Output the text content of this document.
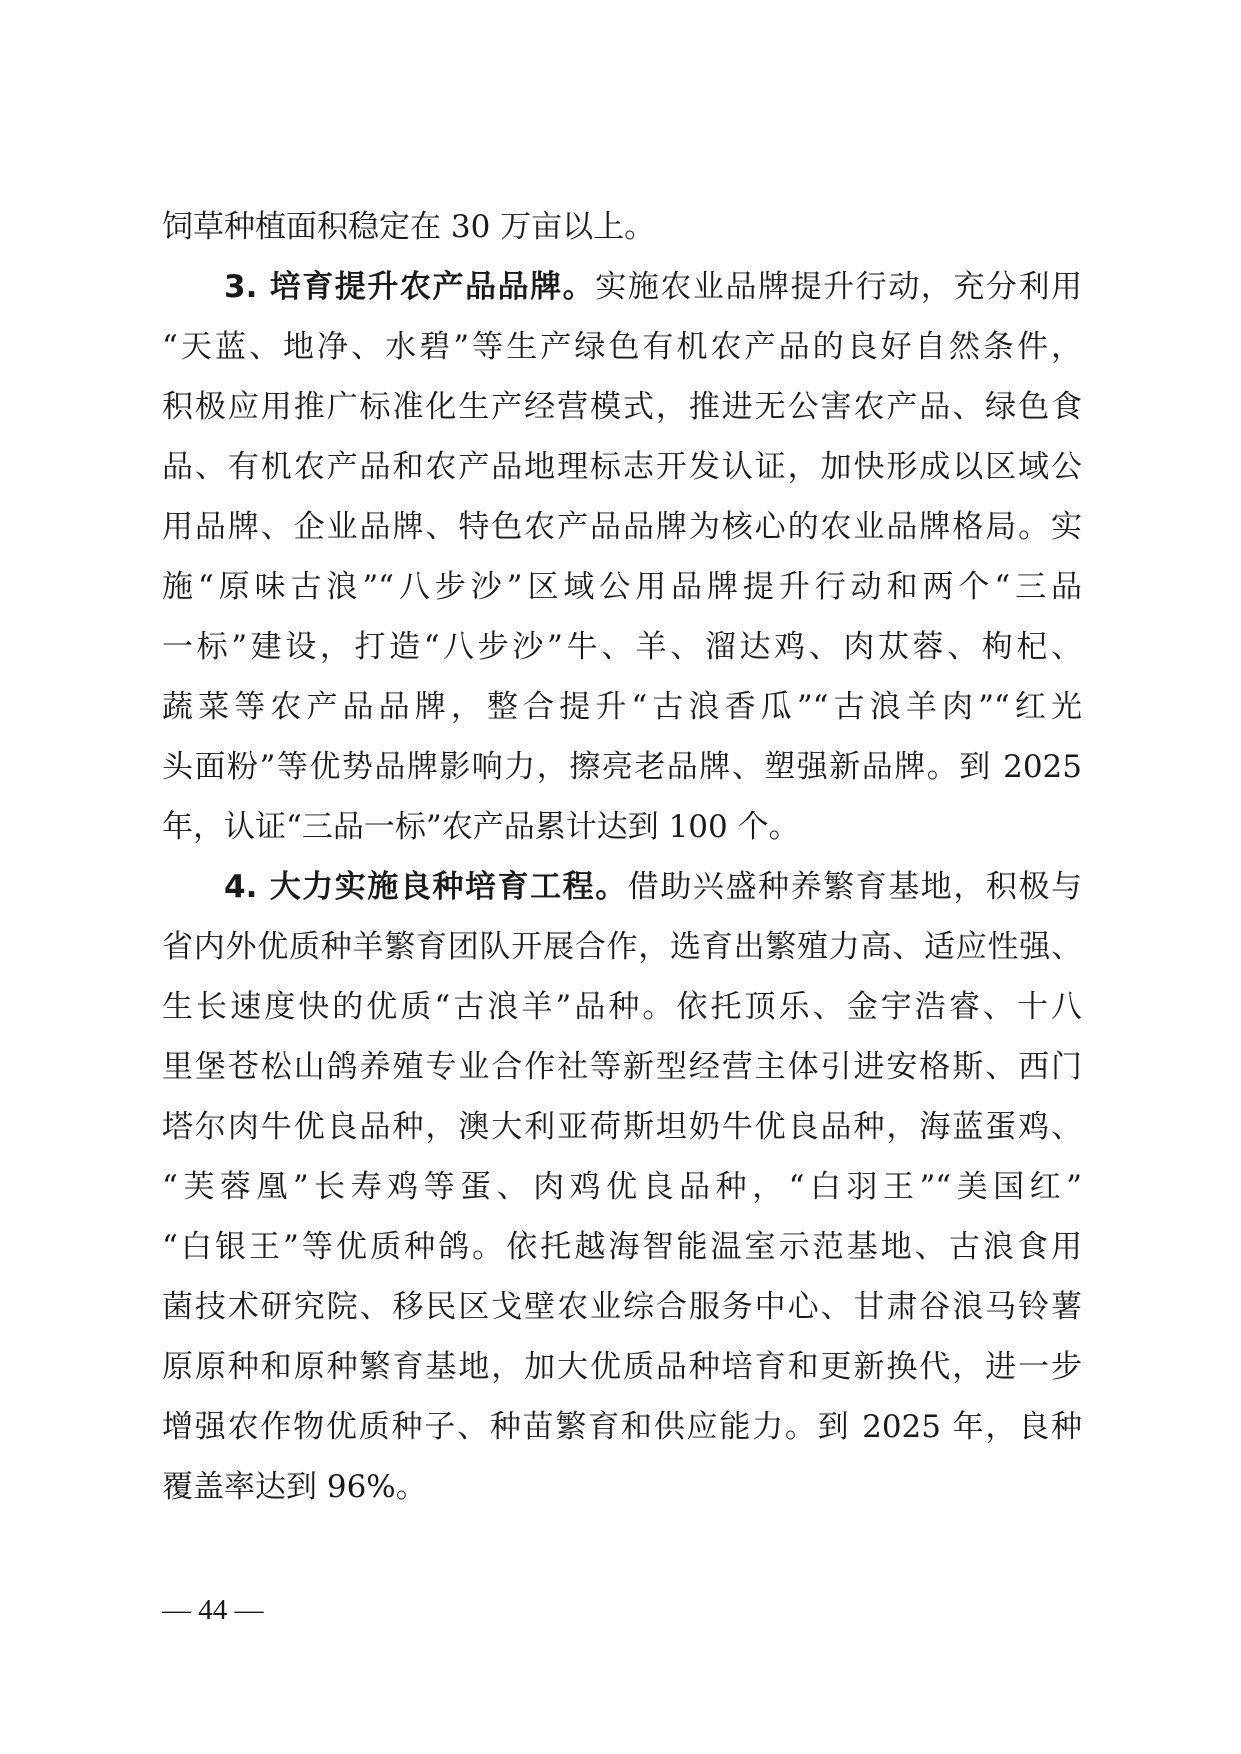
饲草种植面积稳定在 30 万亩以上。
3. 培育提升农产品品牌。实施农业品牌提升行动，充分利用
“天蓝、地净、水碧”等生产绿色有机农产品的良好自然条件，
积极应用推广标准化生产经营模式，推进无公害农产品、绿色食
品、有机农产品和农产品地理标志开发认证，加快形成以区域公
用品牌、企业品牌、特色农产品品牌为核心的农业品牌格局。实
施“原味古浪”“八步沙”区域公用品牌提升行动和两个“三品
一标”建设，打造“八步沙”牛、羊、溜达鸡、肉苁蓉、枸杞、
蔬菜等农产品品牌，整合提升“古浪香瓜”“古浪羊肉”“红光
头面粉”等优势品牌影响力，擦亮老品牌、塑强新品牌。到 2025
年，认证“三品一标”农产品累计达到 100 个。
4. 大力实施良种培育工程。借助兴盛种养繁育基地，积极与
省内外优质种羊繁育团队开展合作，选育出繁殖力高、适应性强、
生长速度快的优质“古浪羊”品种。依托顶乐、金宇浩睿、十八
里堡苍松山鸽养殖专业合作社等新型经营主体引进安格斯、西门
塔尔肉牛优良品种，澳大利亚荷斯坦奶牛优良品种，海蓝蛋鸡、
“芙蓉凰”长寿鸡等蛋、肉鸡优良品种，“白羽王”“美国红”
“白银王”等优质种鸽。依托越海智能温室示范基地、古浪食用
菌技术研究院、移民区戈壁农业综合服务中心、甘肃谷浪马铃薯
原原种和原种繁育基地，加大优质品种培育和更新换代，进一步
增强农作物优质种子、种苗繁育和供应能力。到 2025 年，良种
覆盖率达到 96%。
— 44 —
